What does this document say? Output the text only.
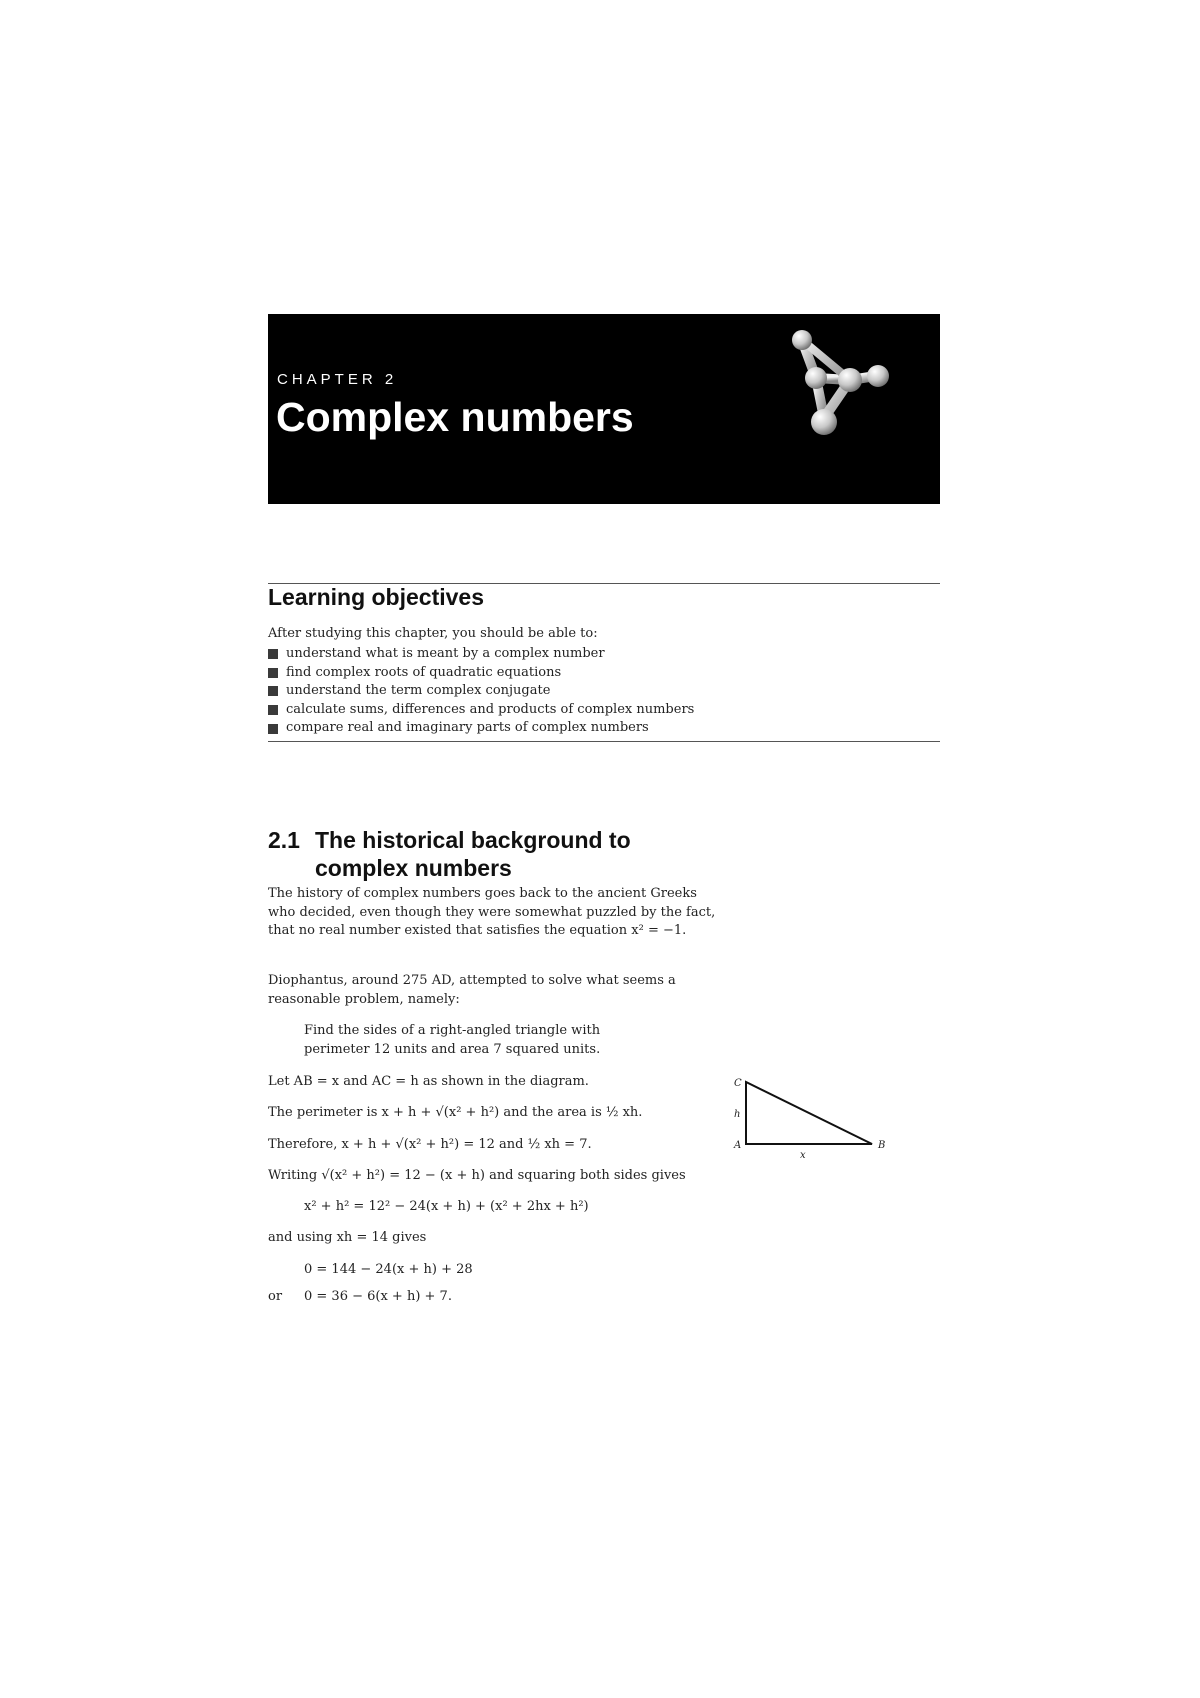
CHAPTER 2
Complex numbers
Learning objectives
After studying this chapter, you should be able to:
understand what is meant by a complex number
find complex roots of quadratic equations
understand the term complex conjugate
calculate sums, differences and products of complex numbers
compare real and imaginary parts of complex numbers
2.1 The historical background to complex numbers
The history of complex numbers goes back to the ancient Greeks who decided, even though they were somewhat puzzled by the fact, that no real number existed that satisfies the equation x² = −1.
Diophantus, around 275 AD, attempted to solve what seems a reasonable problem, namely:
Find the sides of a right-angled triangle with
perimeter 12 units and area 7 squared units.
Let AB = x and AC = h as shown in the diagram.
The perimeter is x + h + √(x² + h²) and the area is ½ xh.
Therefore, x + h + √(x² + h²) = 12 and ½ xh = 7.
Writing √(x² + h²) = 12 − (x + h) and squaring both sides gives
x² + h² = 12² − 24(x + h) + (x² + 2hx + h²)
and using xh = 14 gives
0 = 144 − 24(x + h) + 28
or 0 = 36 − 6(x + h) + 7.
C
h
A
x
B
